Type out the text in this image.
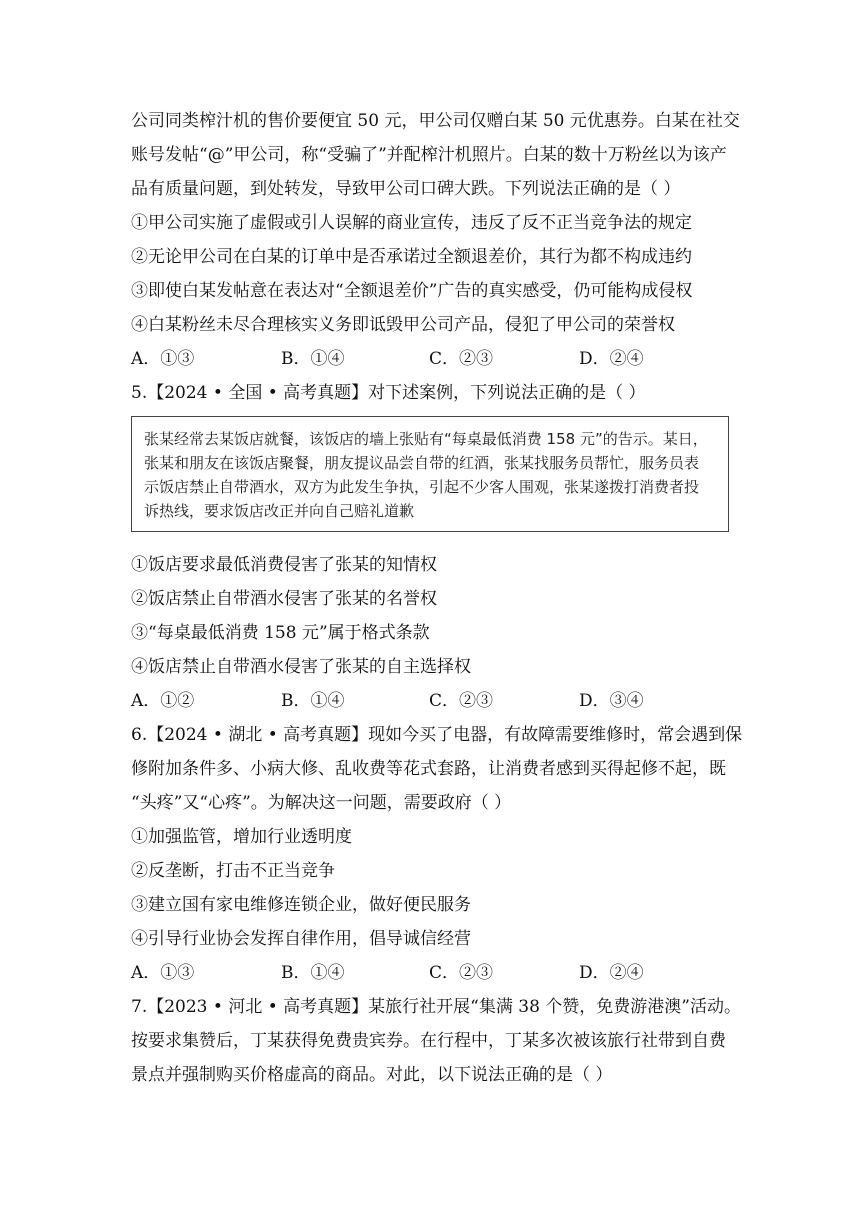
公司同类榨汁机的售价要便宜 50 元，甲公司仅赠白某 50 元优惠券。白某在社交
账号发帖“@”甲公司，称“受骗了”并配榨汁机照片。白某的数十万粉丝以为该产
品有质量问题，到处转发，导致甲公司口碑大跌。下列说法正确的是（ ）
①甲公司实施了虚假或引人误解的商业宣传，违反了反不正当竞争法的规定
②无论甲公司在白某的订单中是否承诺过全额退差价，其行为都不构成违约
③即使白某发帖意在表达对“全额退差价”广告的真实感受，仍可能构成侵权
④白某粉丝未尽合理核实义务即诋毁甲公司产品，侵犯了甲公司的荣誉权
A．①③	B．①④	C．②③	D．②④
5.【2024 • 全国 • 高考真题】对下述案例，下列说法正确的是（ ）
张某经常去某饭店就餐，该饭店的墙上张贴有“每桌最低消费 158 元”的告示。某日，
张某和朋友在该饭店聚餐，朋友提议品尝自带的红酒，张某找服务员帮忙，服务员表
示饭店禁止自带酒水，双方为此发生争执，引起不少客人围观，张某遂拨打消费者投
诉热线，要求饭店改正并向自己赔礼道歉
①饭店要求最低消费侵害了张某的知情权
②饭店禁止自带酒水侵害了张某的名誉权
③“每桌最低消费 158 元”属于格式条款
④饭店禁止自带酒水侵害了张某的自主选择权
A．①②	B．①④	C．②③	D．③④
6.【2024 • 湖北 • 高考真题】现如今买了电器，有故障需要维修时，常会遇到保
修附加条件多、小病大修、乱收费等花式套路，让消费者感到买得起修不起，既
“头疼”又“心疼”。为解决这一问题，需要政府（ ）
①加强监管，增加行业透明度
②反垄断，打击不正当竞争
③建立国有家电维修连锁企业，做好便民服务
④引导行业协会发挥自律作用，倡导诚信经营
A．①③	B．①④	C．②③	D．②④
7.【2023 • 河北 • 高考真题】某旅行社开展“集满 38 个赞，免费游港澳”活动。
按要求集赞后，丁某获得免费贵宾券。在行程中，丁某多次被该旅行社带到自费
景点并强制购买价格虚高的商品。对此，以下说法正确的是（ ）
